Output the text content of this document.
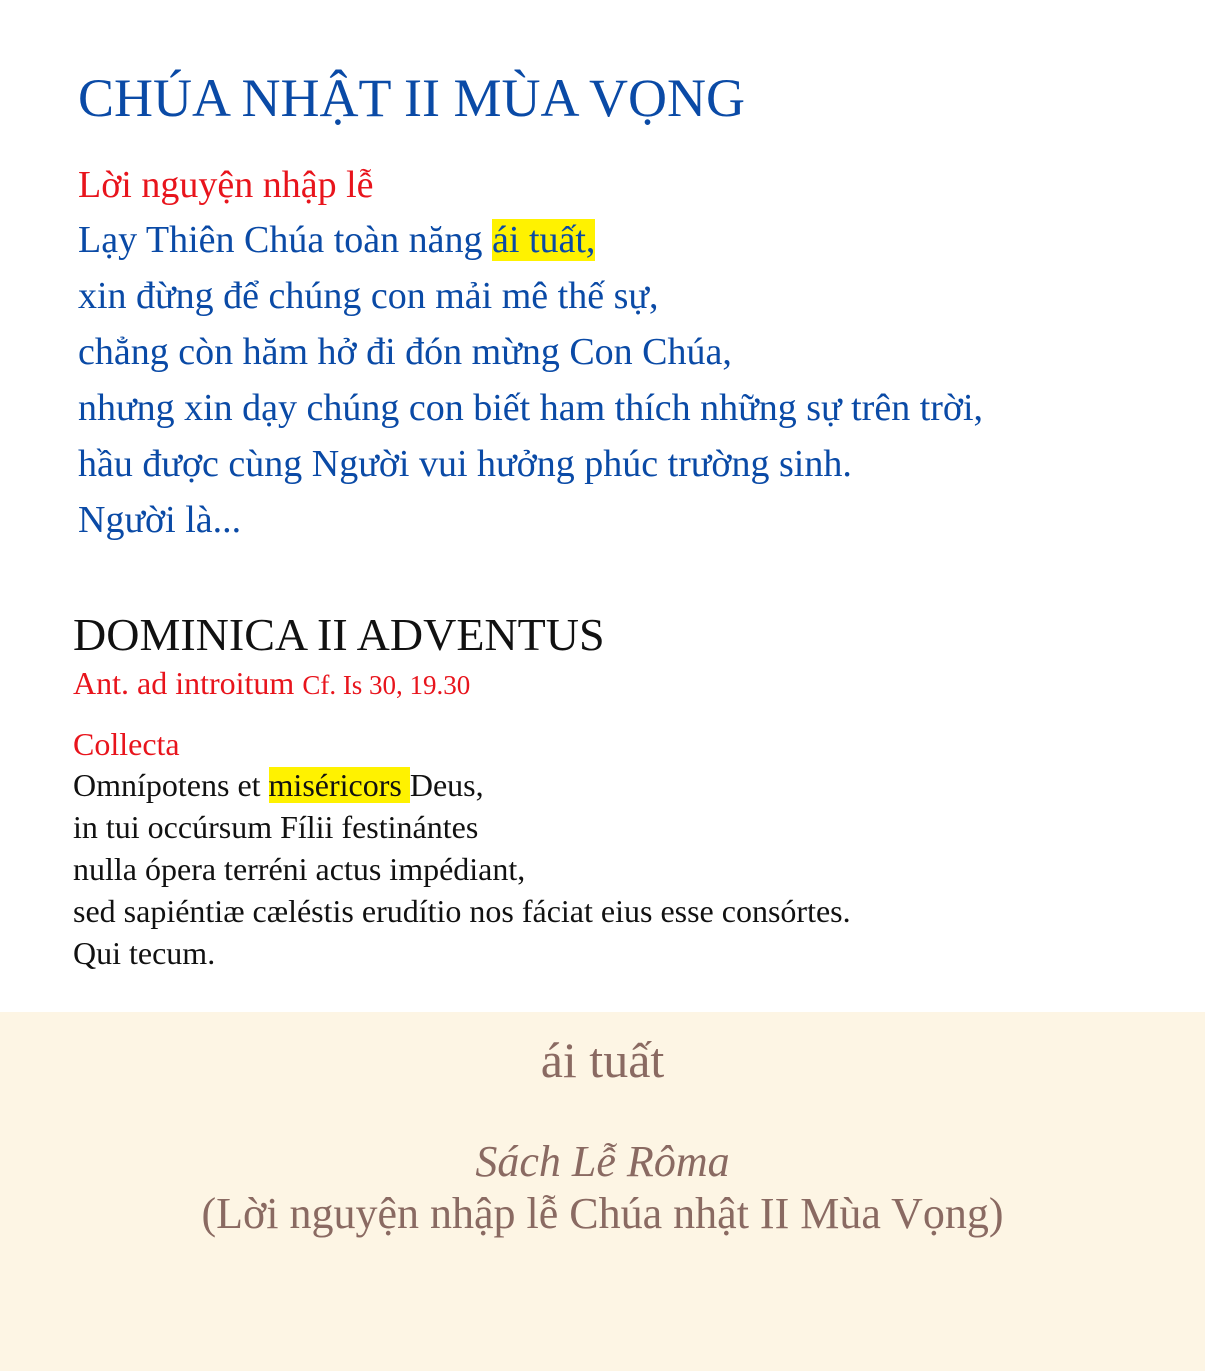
CHÚA NHẬT II MÙA VỌNG
Lời nguyện nhập lễ
Lạy Thiên Chúa toàn năng ái tuất,
xin đừng để chúng con mải mê thế sự,
chẳng còn hăm hở đi đón mừng Con Chúa,
nhưng xin dạy chúng con biết ham thích những sự trên trời,
hầu được cùng Người vui hưởng phúc trường sinh.
Người là...
DOMINICA II ADVENTUS
Ant. ad introitum Cf. Is 30, 19.30
Collecta
Omnípotens et miséricors Deus,
in tui occúrsum Fílii festinántes
nulla ópera terréni actus impédiant,
sed sapiéntiæ cæléstis erudítio nos fáciat eius esse consórtes.
Qui tecum.
ái tuất
Sách Lễ Rôma
(Lời nguyện nhập lễ Chúa nhật II Mùa Vọng)
